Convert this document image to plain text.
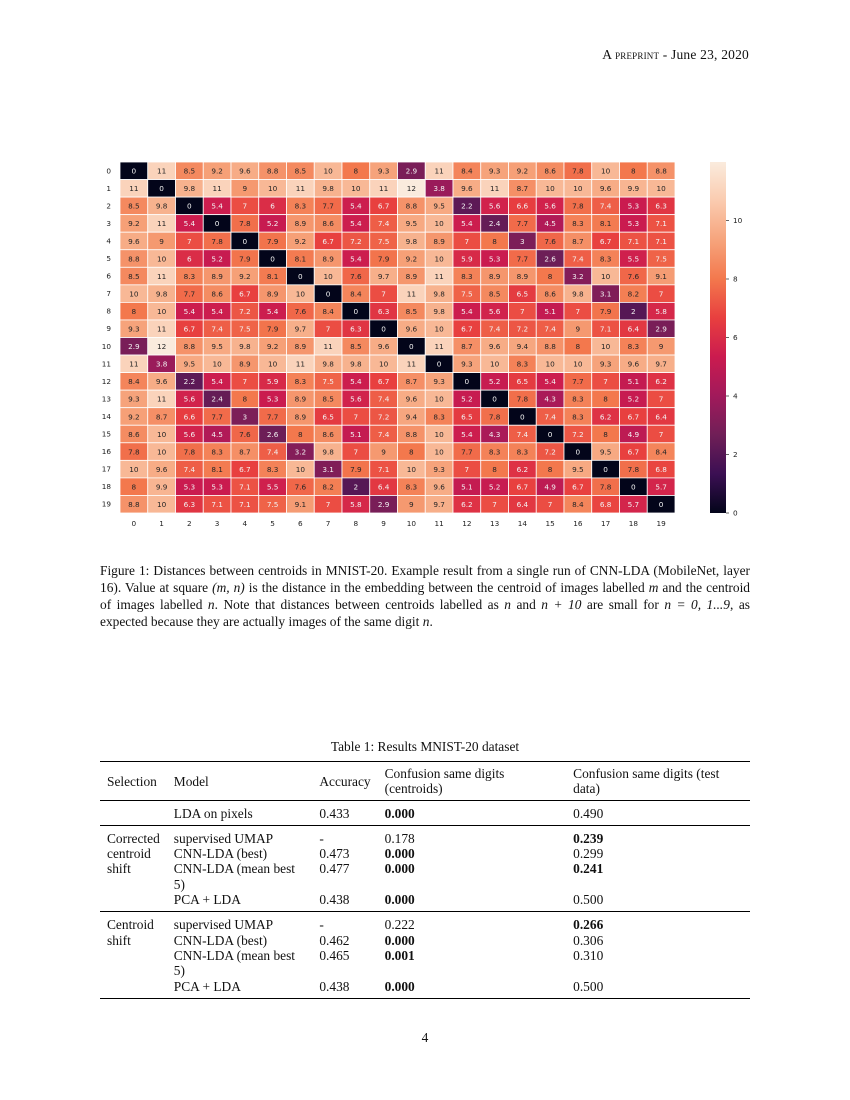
A preprint - June 23, 2020
0	11 8.5 9.2 9.6 8.8 8.5 10	8	9.3 2.9 11 8.4 9.3 9.2 8.6 7.8 10	8	8.8
11	0	9.8 11	9	10	11 9.8 10	11	12 3.8 9.6 11 8.7 10	10 9.6 9.9 10
8.5 9.8	0	5.4	7	6	8.3 7.7 5.4 6.7 8.8 9.5 2.2 5.6 6.6 5.6 7.8 7.4 5.3 6.3
9.2 11 5.4	0	7.8 5.2 8.9 8.6 5.4 7.4 9.5 10 5.4 2.4 7.7 4.5 8.3 8.1 5.3 7.1
9.6	9	7	7.8	0	7.9 9.2 6.7 7.2 7.5 9.8 8.9	7	8	3	7.6 8.7 6.7 7.1 7.1
8.8 10	6	5.2 7.9	0	8.1 8.9 5.4 7.9 9.2 10 5.9 5.3 7.7 2.6 7.4 8.3 5.5 7.5
8.5 11 8.3 8.9 9.2 8.1	0	10 7.6 9.7 8.9 11 8.3 8.9 8.9	8	3.2 10 7.6 9.1
10 9.8 7.7 8.6 6.7 8.9 10	0	8.4	7	11 9.8 7.5 8.5 6.5 8.6 9.8 3.1 8.2	7
8	10 5.4 5.4 7.2 5.4 7.6 8.4	0	6.3 8.5 9.8 5.4 5.6	7	5.1	7	7.9	2	5.8
9.3 11 6.7 7.4 7.5 7.9 9.7	7	6.3	0	9.6 10 6.7 7.4 7.2 7.4	9	7.1 6.4 2.9
2.9 12 8.8 9.5 9.8 9.2 8.9 11 8.5 9.6	0	11 8.7 9.6 9.4 8.8	8	10 8.3	9
11 3.8 9.5 10 8.9 10	11 9.8 9.8 10	11	0	9.3 10 8.3 10	10 9.3 9.6 9.7
8.4 9.6 2.2 5.4	7	5.9 8.3 7.5 5.4 6.7 8.7 9.3	0	5.2 6.5 5.4 7.7	7	5.1 6.2
9.3 11 5.6 2.4	8	5.3 8.9 8.5 5.6 7.4 9.6 10 5.2	0	7.8 4.3 8.3	8	5.2	7
9.2 8.7 6.6 7.7	3	7.7 8.9 6.5	7	7.2 9.4 8.3 6.5 7.8	0	7.4 8.3 6.2 6.7 6.4
8.6 10 5.6 4.5 7.6 2.6	8	8.6 5.1 7.4 8.8 10 5.4 4.3 7.4	0	7.2	8	4.9	7
7.8 10 7.8 8.3 8.7 7.4 3.2 9.8	7	9	8	10 7.7 8.3 8.3 7.2	0	9.5 6.7 8.4
10 9.6 7.4 8.1 6.7 8.3 10 3.1 7.9 7.1 10 9.3	7	8	6.2	8	9.5	0	7.8 6.8
8	9.9 5.3 5.3 7.1 5.5 7.6 8.2	2	6.4 8.3 9.6 5.1 5.2 6.7 4.9 6.7 7.8	0	5.7
8.8 10 6.3 7.1 7.1 7.5 9.1	7	5.8 2.9	9	9.7 6.2	7	6.4	7	8.4 6.8 5.7	0
0
1
2
3
4
5
6
7
8
9
10
11
12
13
14
15
16
17
18
19
0	1	2	3	4	5	6	7	8	9	10	11	12	13	14	15	16	17	18	19
0
2
4
6
8
10
Figure 1: Distances between centroids in MNIST-20. Example result from a single run of CNN-LDA (MobileNet, layer 16). Value at square (m, n) is the distance in the embedding between the centroid of images labelled m and the centroid of images labelled n. Note that distances between centroids labelled as n and n + 10 are small for n = 0, 1...9, as expected because they are actually images of the same digit n.
Table 1: Results MNIST-20 dataset
Selection	Model	Accuracy	Confusion same digits (centroids)	Confusion same digits (test data)
	LDA on pixels	0.433	0.000	0.490
Corrected	supervised UMAP	-	0.178	0.239
centroid	CNN-LDA (best)	0.473	0.000	0.299
shift	CNN-LDA (mean best 5)	0.477	0.000	0.241
	PCA + LDA	0.438	0.000	0.500
Centroid	supervised UMAP	-	0.222	0.266
shift	CNN-LDA (best)	0.462	0.000	0.306
	CNN-LDA (mean best 5)	0.465	0.001	0.310
	PCA + LDA	0.438	0.000	0.500
4
